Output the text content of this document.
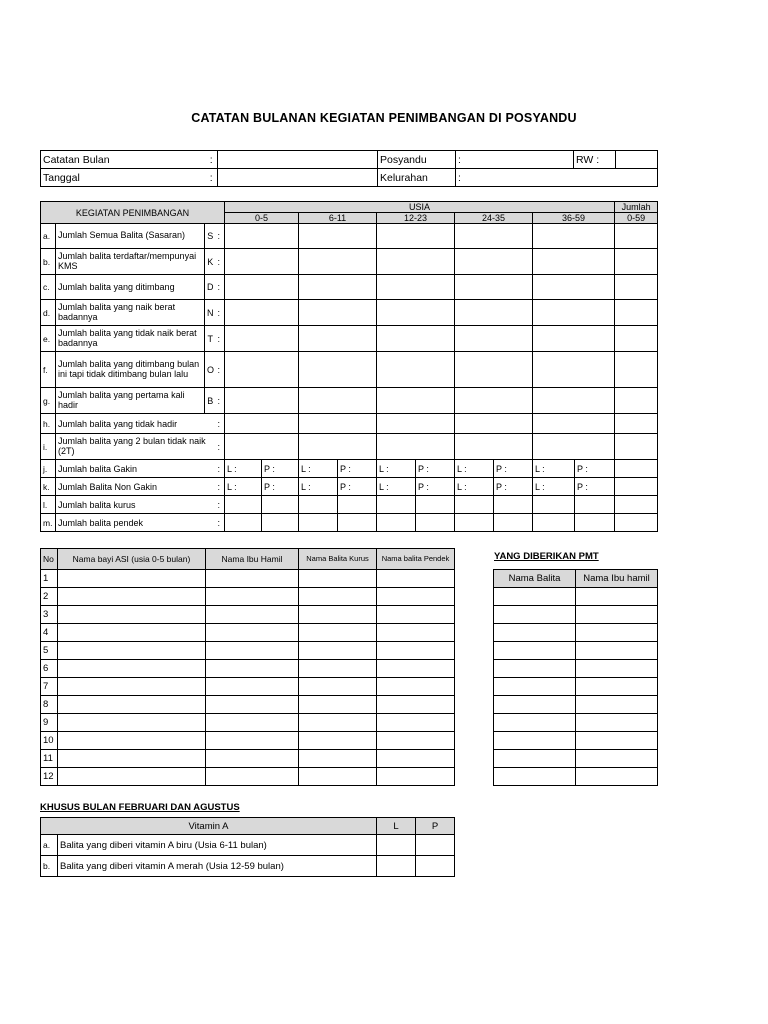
CATATAN BULANAN KEGIATAN PENIMBANGAN DI POSYANDU
Catatan Bulan	:		Posyandu	:	RW :	
Tanggal	:		Kelurahan	:		
KEGIATAN PENIMBANGAN				USIA										Jumlah
				0-5		6-11		12-23		24-35		36-59		0-59
a.	Jumlah Semua Balita (Sasaran)	S	:											
b.	Jumlah balita terdaftar/mempunyai KMS	K	:											
c.	Jumlah balita yang ditimbang	D	:											
d.	Jumlah balita yang naik berat badannya	N	:											
e.	Jumlah balita yang tidak naik berat badannya	T	:											
f.	Jumlah balita yang ditimbang bulan ini tapi tidak ditimbang bulan lalu	O	:											
g.	Jumlah balita yang pertama kali hadir	B	:											
h.	Jumlah balita yang tidak hadir		:											
i.	Jumlah balita yang 2 bulan tidak naik (2T)		:											
j.	Jumlah balita Gakin		:	L :	P :	L :	P :	L :	P :	L :	P :	L :	P :	
k.	Jumlah Balita Non Gakin		:	L :	P :	L :	P :	L :	P :	L :	P :	L :	P :	
l.	Jumlah balita kurus		:											
m.	Jumlah balita pendek		:											
No	Nama bayi ASI (usia 0-5 bulan)	Nama Ibu Hamil	Nama Balita Kurus	Nama balita Pendek
1				
2				
3				
4				
5				
6				
7				
8				
9				
10				
11				
12				
YANG DIBERIKAN PMT
Nama Balita	Nama Ibu hamil

KHUSUS BULAN FEBRUARI DAN AGUSTUS
Vitamin A		L	P
a.	Balita yang diberi vitamin A biru (Usia 6-11 bulan)		
b.	Balita yang diberi vitamin A merah (Usia 12-59 bulan)		
